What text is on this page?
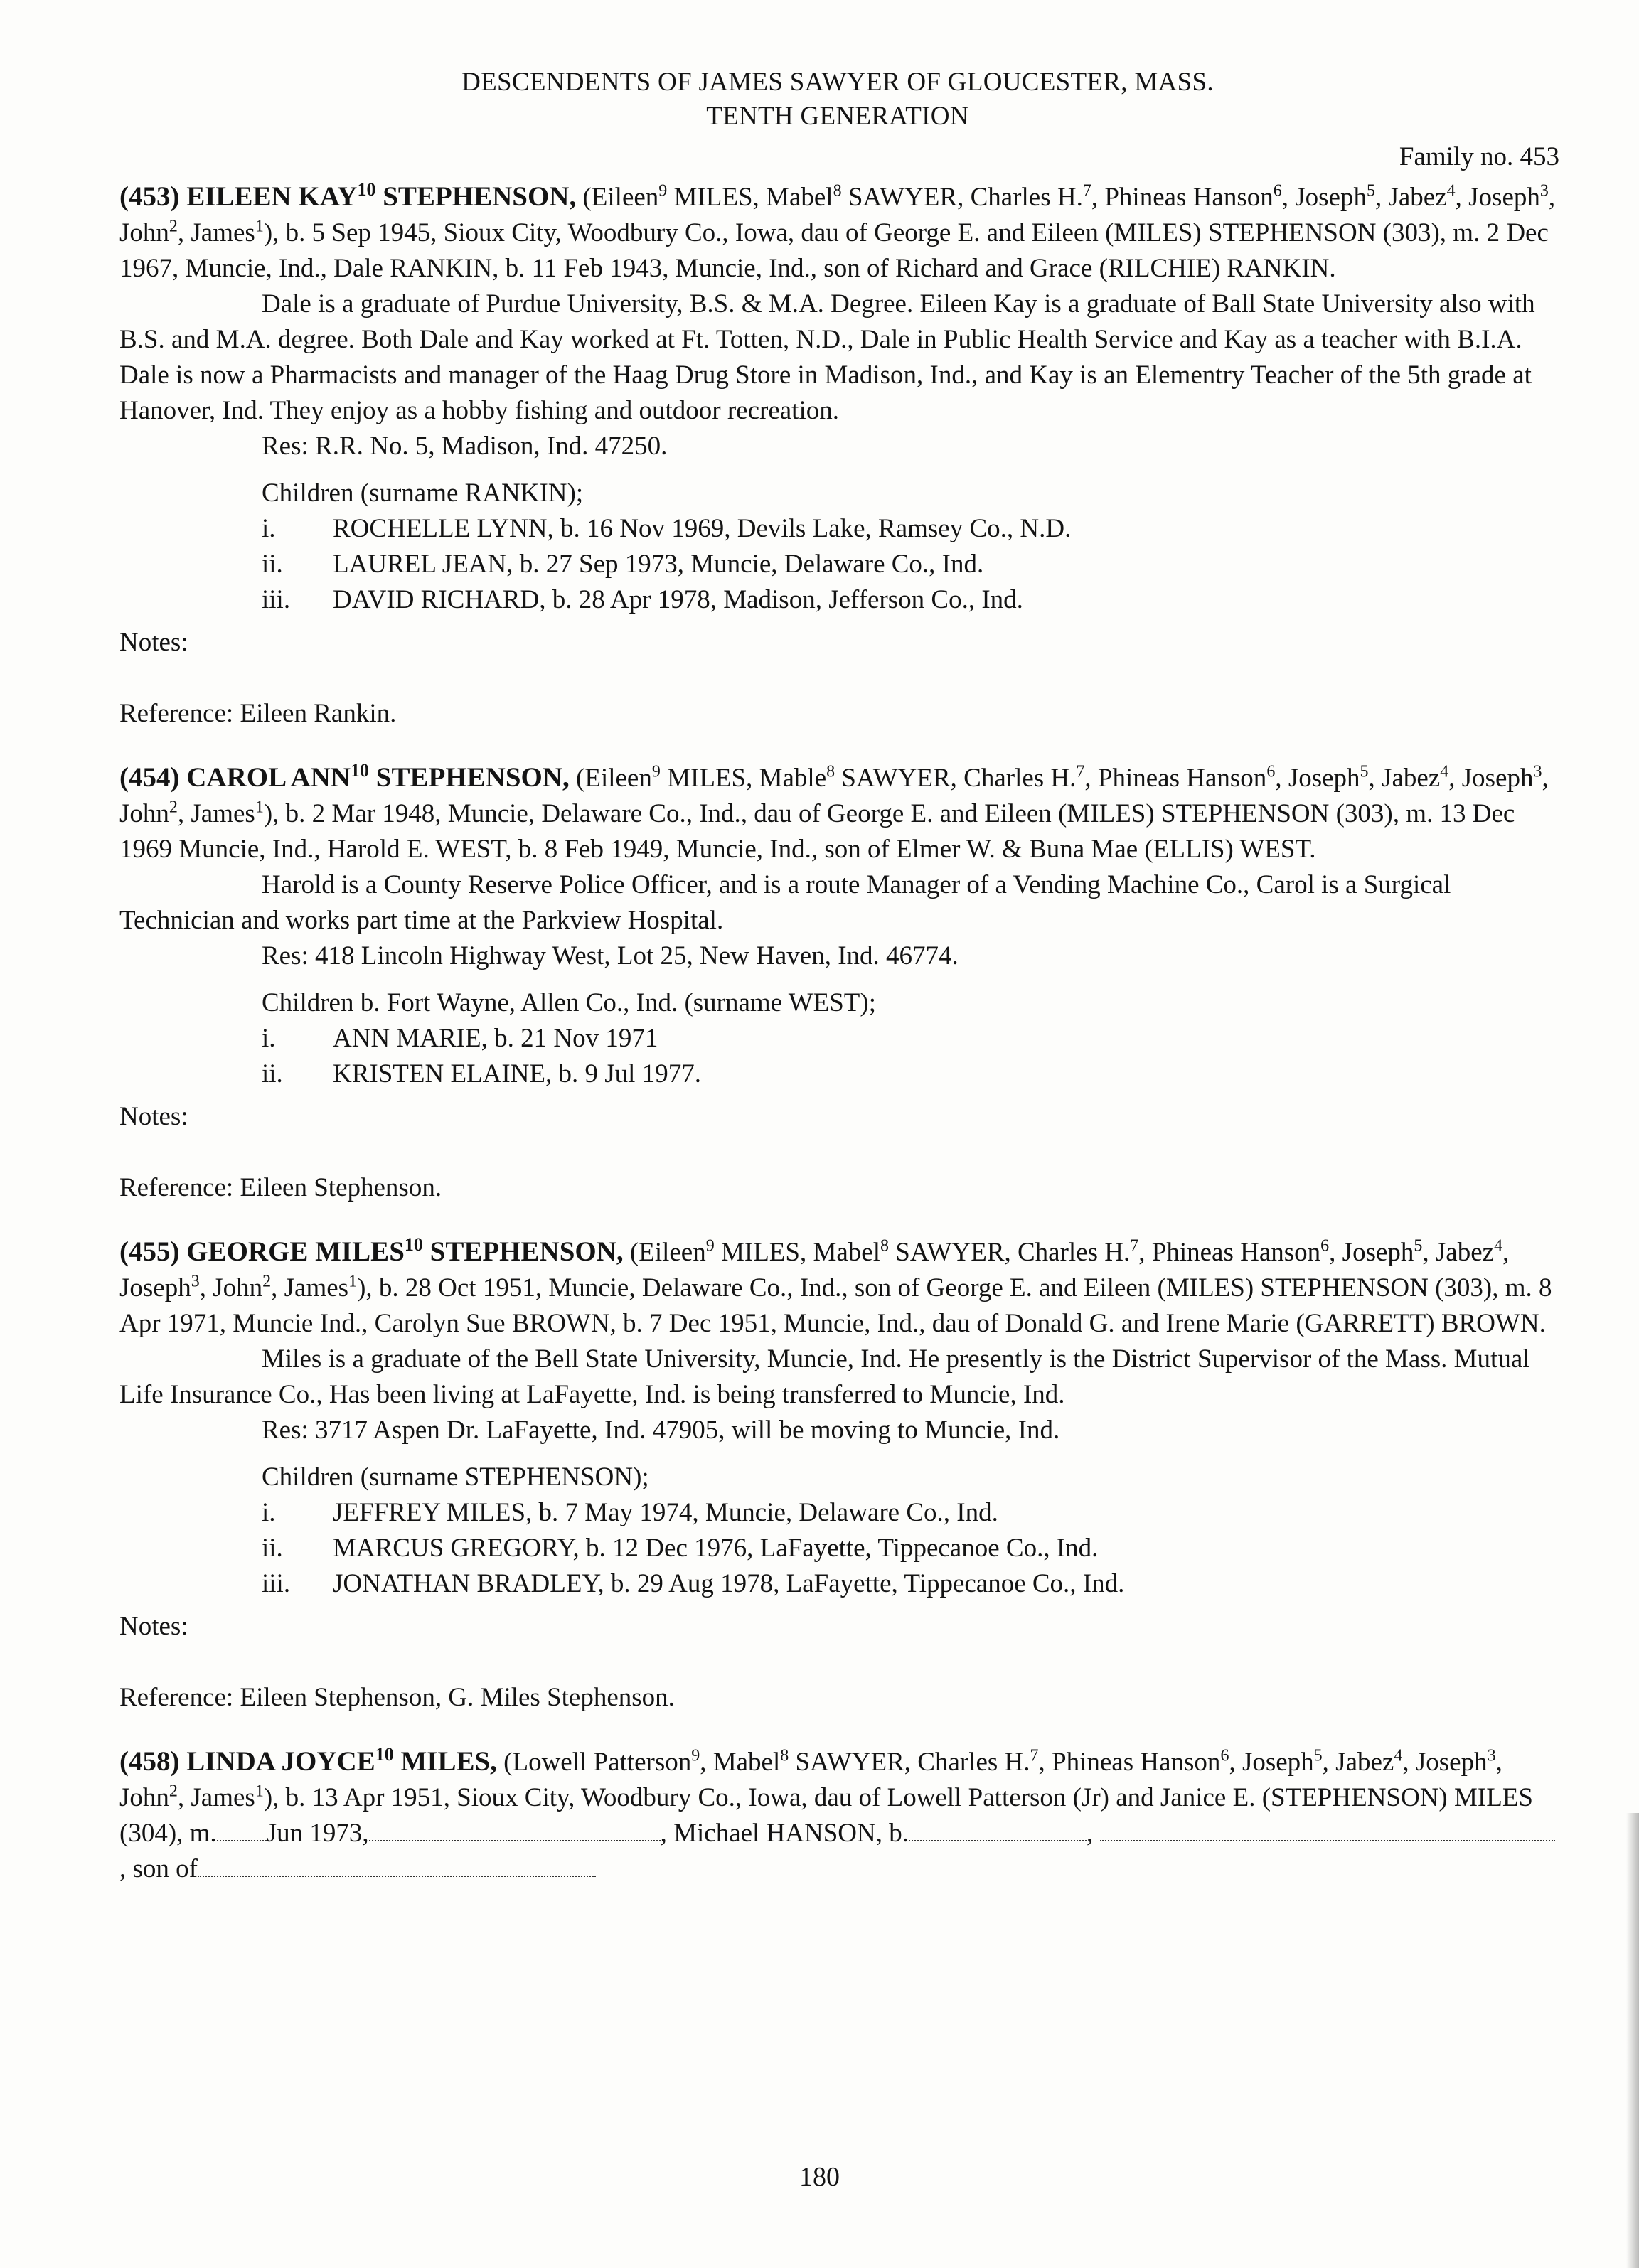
DESCENDENTS OF JAMES SAWYER OF GLOUCESTER, MASS.
TENTH GENERATION
Family no. 453
(453) EILEEN KAY$^{10}$ STEPHENSON, (Eileen$^9$ MILES, Mabel$^8$ SAWYER, Charles H.$^7$, Phineas Hanson$^6$, Joseph$^5$, Jabez$^4$, Joseph$^3$, John$^2$, James$^1$), b. 5 Sep 1945, Sioux City, Woodbury Co., Iowa, dau of George E. and Eileen (MILES) STEPHENSON (303), m. 2 Dec 1967, Muncie, Ind., Dale RANKIN, b. 11 Feb 1943, Muncie, Ind., son of Richard and Grace (RILCHIE) RANKIN.
Dale is a graduate of Purdue University, B.S. & M.A. Degree. Eileen Kay is a graduate of Ball State University also with B.S. and M.A. degree. Both Dale and Kay worked at Ft. Totten, N.D., Dale in Public Health Service and Kay as a teacher with B.I.A. Dale is now a Pharmacists and manager of the Haag Drug Store in Madison, Ind., and Kay is an Elementry Teacher of the 5th grade at Hanover, Ind. They enjoy as a hobby fishing and outdoor recreation.
Res: R.R. No. 5, Madison, Ind. 47250.
Children (surname RANKIN);
i. ROCHELLE LYNN, b. 16 Nov 1969, Devils Lake, Ramsey Co., N.D.
ii. LAUREL JEAN, b. 27 Sep 1973, Muncie, Delaware Co., Ind.
iii. DAVID RICHARD, b. 28 Apr 1978, Madison, Jefferson Co., Ind.
Notes:
Reference: Eileen Rankin.
(454) CAROL ANN$^{10}$ STEPHENSON, (Eileen$^9$ MILES, Mable$^8$ SAWYER, Charles H.$^7$, Phineas Hanson$^6$, Joseph$^5$, Jabez$^4$, Joseph$^3$, John$^2$, James$^1$), b. 2 Mar 1948, Muncie, Delaware Co., Ind., dau of George E. and Eileen (MILES) STEPHENSON (303), m. 13 Dec 1969 Muncie, Ind., Harold E. WEST, b. 8 Feb 1949, Muncie, Ind., son of Elmer W. & Buna Mae (ELLIS) WEST.
Harold is a County Reserve Police Officer, and is a route Manager of a Vending Machine Co., Carol is a Surgical Technician and works part time at the Parkview Hospital.
Res: 418 Lincoln Highway West, Lot 25, New Haven, Ind. 46774.
Children b. Fort Wayne, Allen Co., Ind. (surname WEST);
i. ANN MARIE, b. 21 Nov 1971
ii. KRISTEN ELAINE, b. 9 Jul 1977.
Notes:
Reference: Eileen Stephenson.
(455) GEORGE MILES$^{10}$ STEPHENSON, (Eileen$^9$ MILES, Mabel$^8$ SAWYER, Charles H.$^7$, Phineas Hanson$^6$, Joseph$^5$, Jabez$^4$, Joseph$^3$, John$^2$, James$^1$), b. 28 Oct 1951, Muncie, Delaware Co., Ind., son of George E. and Eileen (MILES) STEPHENSON (303), m. 8 Apr 1971, Muncie Ind., Carolyn Sue BROWN, b. 7 Dec 1951, Muncie, Ind., dau of Donald G. and Irene Marie (GARRETT) BROWN.
Miles is a graduate of the Bell State University, Muncie, Ind. He presently is the District Supervisor of the Mass. Mutual Life Insurance Co., Has been living at LaFayette, Ind. is being transferred to Muncie, Ind.
Res: 3717 Aspen Dr. LaFayette, Ind. 47905, will be moving to Muncie, Ind.
Children (surname STEPHENSON);
i. JEFFREY MILES, b. 7 May 1974, Muncie, Delaware Co., Ind.
ii. MARCUS GREGORY, b. 12 Dec 1976, LaFayette, Tippecanoe Co., Ind.
iii. JONATHAN BRADLEY, b. 29 Aug 1978, LaFayette, Tippecanoe Co., Ind.
Notes:
Reference: Eileen Stephenson, G. Miles Stephenson.
(458) LINDA JOYCE$^{10}$ MILES, (Lowell Patterson$^9$, Mabel$^8$ SAWYER, Charles H.$^7$, Phineas Hanson$^6$, Joseph$^5$, Jabez$^4$, Joseph$^3$, John$^2$, James$^1$), b. 13 Apr 1951, Sioux City, Woodbury Co., Iowa, dau of Lowell Patterson (Jr) and Janice E. (STEPHENSON) MILES (304), m. Jun 1973,	, Michael HANSON, b.	, , son of
180
